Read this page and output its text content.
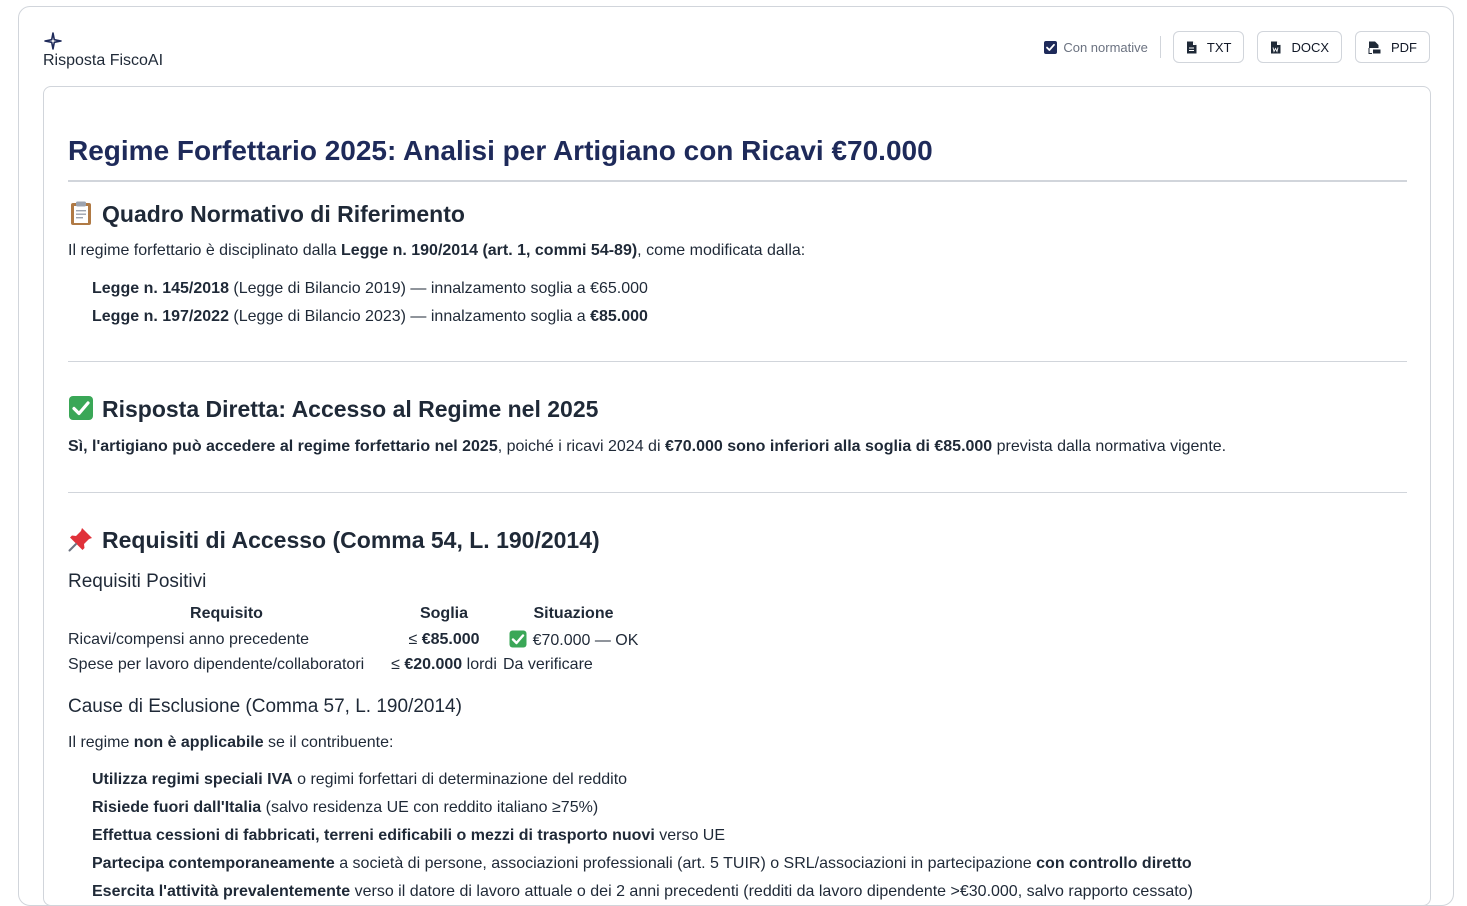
Risposta FiscoAI
Con normative	TXT	DOCX	PDF
Regime Forfettario 2025: Analisi per Artigiano con Ricavi €70.000
Quadro Normativo di Riferimento

Il regime forfettario è disciplinato dalla Legge n. 190/2014 (art. 1, commi 54-89), come modificata dalla:

Legge n. 145/2018 (Legge di Bilancio 2019) — innalzamento soglia a €65.000

Legge n. 197/2022 (Legge di Bilancio 2023) — innalzamento soglia a €85.000

Risposta Diretta: Accesso al Regime nel 2025

Sì, l'artigiano può accedere al regime forfettario nel 2025, poiché i ricavi 2024 di €70.000 sono inferiori alla soglia di €85.000 prevista dalla normativa vigente.

Requisiti di Accesso (Comma 54, L. 190/2014)
Requisiti Positivi
Requisito	Soglia	Situazione
Ricavi/compensi anno precedente	≤ €85.000	€70.000 — OK
Spese per lavoro dipendente/collaboratori	≤ €20.000 lordi	Da verificare
Cause di Esclusione (Comma 57, L. 190/2014)

Il regime non è applicabile se il contribuente:

Utilizza regimi speciali IVA o regimi forfettari di determinazione del reddito

Risiede fuori dall'Italia (salvo residenza UE con reddito italiano ≥75%)

Effettua cessioni di fabbricati, terreni edificabili o mezzi di trasporto nuovi verso UE

Partecipa contemporaneamente a società di persone, associazioni professionali (art. 5 TUIR) o SRL/associazioni in partecipazione con controllo diretto

Esercita l'attività prevalentemente verso il datore di lavoro attuale o dei 2 anni precedenti (redditi da lavoro dipendente >€30.000, salvo rapporto cessato)
